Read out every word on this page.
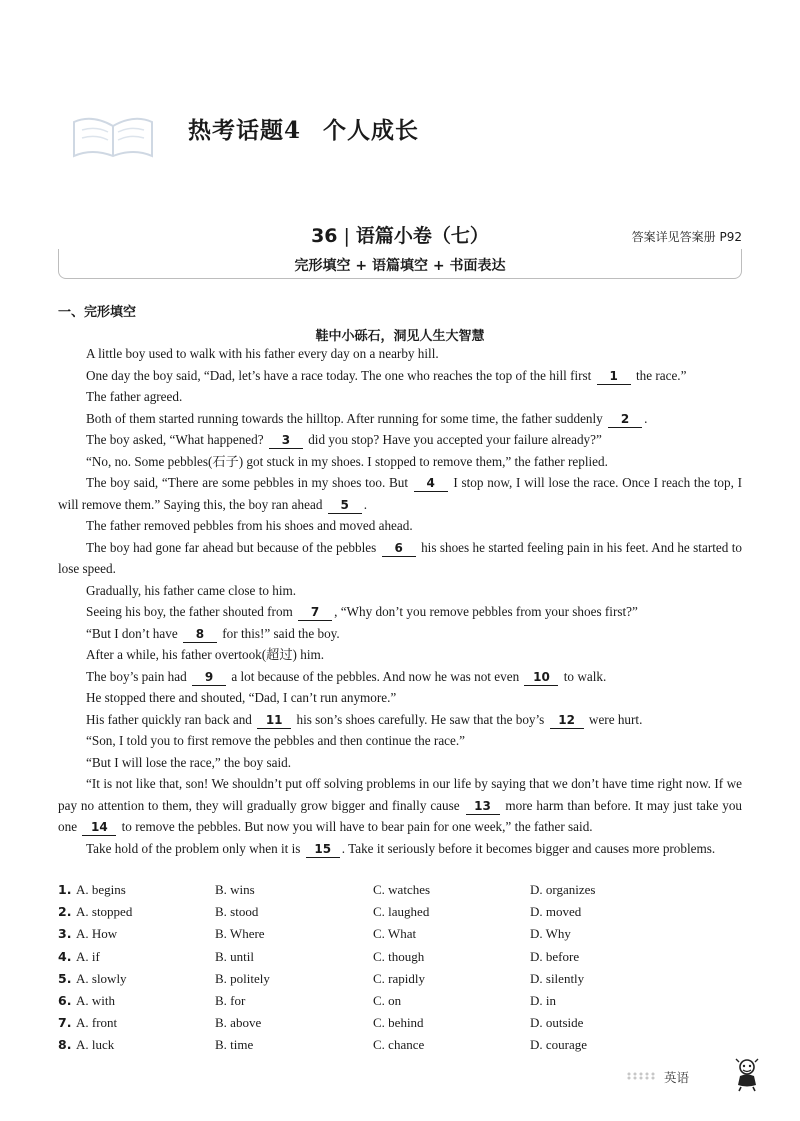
热考话题4 个人成长
36 | 语篇小卷（七）	答案详见答案册 P92
完形填空 + 语篇填空 + 书面表达
一、完形填空
鞋中小砾石，洞见人生大智慧

A little boy used to walk with his father every day on a nearby hill.

One day the boy said, “Dad, let’s have a race today. The one who reaches the top of the hill first 1 the race.”

The father agreed.

Both of them started running towards the hilltop. After running for some time, the father suddenly 2 .

The boy asked, “What happened? 3 did you stop? Have you accepted your failure already?”

“No, no. Some pebbles(石子) got stuck in my shoes. I stopped to remove them,” the father replied.

The boy said, “There are some pebbles in my shoes too. But 4 I stop now, I will lose the race. Once I reach the top, I will remove them.” Saying this, the boy ran ahead 5 .

The father removed pebbles from his shoes and moved ahead.

The boy had gone far ahead but because of the pebbles 6 his shoes he started feeling pain in his feet. And he started to lose speed.

Gradually, his father came close to him.

Seeing his boy, the father shouted from 7 , “Why don’t you remove pebbles from your shoes first?”

“But I don’t have 8 for this!” said the boy.

After a while, his father overtook(超过) him.

The boy’s pain had 9 a lot because of the pebbles. And now he was not even 10 to walk.

He stopped there and shouted, “Dad, I can’t run anymore.”

His father quickly ran back and 11 his son’s shoes carefully. He saw that the boy’s 12 were hurt.

“Son, I told you to first remove the pebbles and then continue the race.”

“But I will lose the race,” the boy said.

“It is not like that, son! We shouldn’t put off solving problems in our life by saying that we don’t have time right now. If we pay no attention to them, they will gradually grow bigger and finally cause 13 more harm than before. It may just take you one 14 to remove the pebbles. But now you will have to bear pain for one week,” the father said.

Take hold of the problem only when it is 15 . Take it seriously before it becomes bigger and causes more problems.

1. A. begins	B. wins	C. watches	D. organizes
2. A. stopped	B. stood	C. laughed	D. moved
3. A. How	B. Where	C. What	D. Why
4. A. if	B. until	C. though	D. before
5. A. slowly	B. politely	C. rapidly	D. silently
6. A. with	B. for	C. on	D. in
7. A. front	B. above	C. behind	D. outside
8. A. luck	B. time	C. chance	D. courage
英语
